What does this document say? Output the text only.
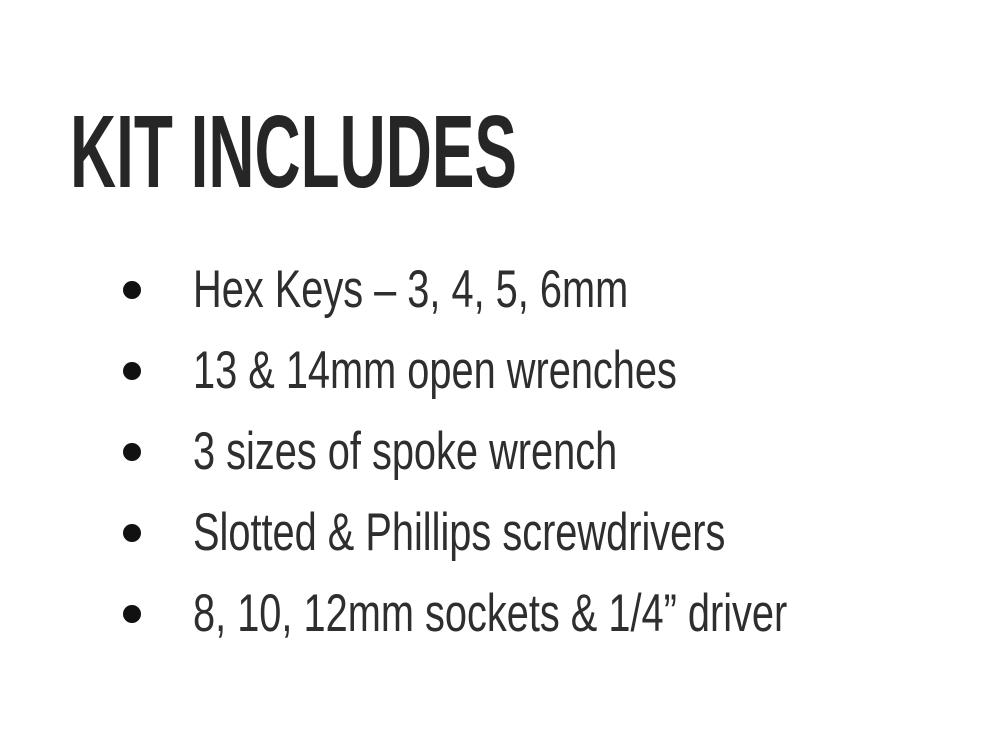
KIT INCLUDES
Hex Keys – 3, 4, 5, 6mm
13 & 14mm open wrenches
3 sizes of spoke wrench
Slotted & Phillips screwdrivers
8, 10, 12mm sockets & 1/4” driver
